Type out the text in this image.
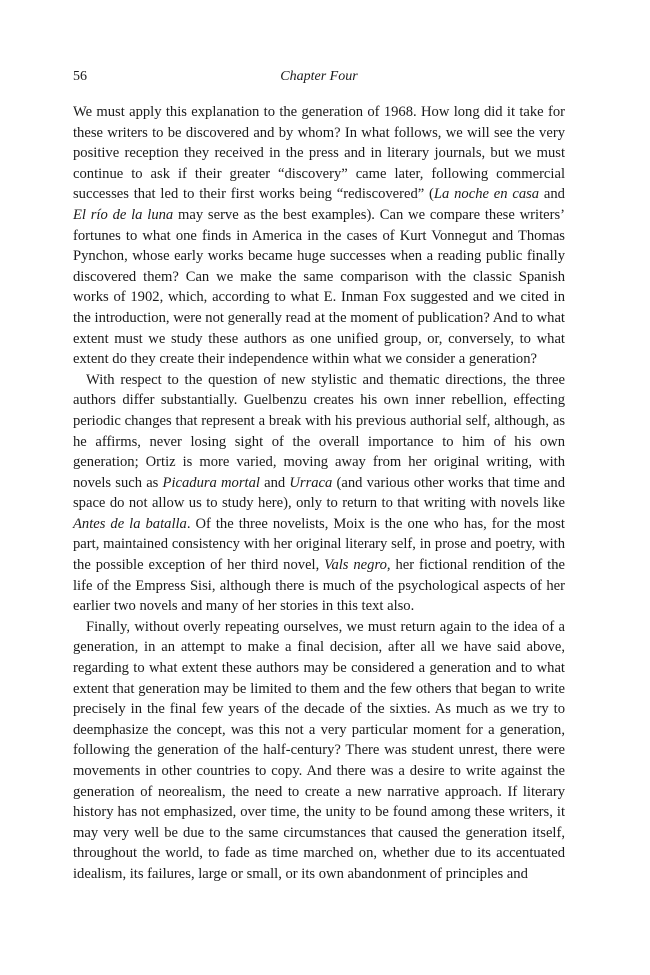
56	Chapter Four

We must apply this explanation to the generation of 1968. How long did it take for these writers to be discovered and by whom? In what follows, we will see the very positive reception they received in the press and in literary journals, but we must continue to ask if their greater “discovery” came later, following commercial successes that led to their first works being “rediscovered” (La noche en casa and El río de la luna may serve as the best examples). Can we compare these writers’ fortunes to what one finds in America in the cases of Kurt Vonnegut and Thomas Pynchon, whose early works became huge successes when a reading public finally discovered them? Can we make the same comparison with the classic Spanish works of 1902, which, according to what E. Inman Fox suggested and we cited in the introduction, were not generally read at the moment of publication? And to what extent must we study these authors as one unified group, or, conversely, to what extent do they create their independence within what we consider a generation?

With respect to the question of new stylistic and thematic directions, the three authors differ substantially. Guelbenzu creates his own inner rebellion, effecting periodic changes that represent a break with his previous authorial self, although, as he affirms, never losing sight of the overall importance to him of his own generation; Ortiz is more varied, moving away from her original writing, with novels such as Picadura mortal and Urraca (and various other works that time and space do not allow us to study here), only to return to that writing with novels like Antes de la batalla. Of the three novelists, Moix is the one who has, for the most part, maintained consistency with her original literary self, in prose and poetry, with the possible exception of her third novel, Vals negro, her fictional rendition of the life of the Empress Sisi, although there is much of the psychological aspects of her earlier two novels and many of her stories in this text also.

Finally, without overly repeating ourselves, we must return again to the idea of a generation, in an attempt to make a final decision, after all we have said above, regarding to what extent these authors may be considered a generation and to what extent that generation may be limited to them and the few others that began to write precisely in the final few years of the decade of the sixties. As much as we try to deemphasize the concept, was this not a very particular moment for a generation, following the generation of the half-century? There was student unrest, there were movements in other countries to copy. And there was a desire to write against the generation of neorealism, the need to create a new narrative approach. If literary history has not emphasized, over time, the unity to be found among these writers, it may very well be due to the same circumstances that caused the generation itself, throughout the world, to fade as time marched on, whether due to its accentuated idealism, its failures, large or small, or its own abandonment of principles and
